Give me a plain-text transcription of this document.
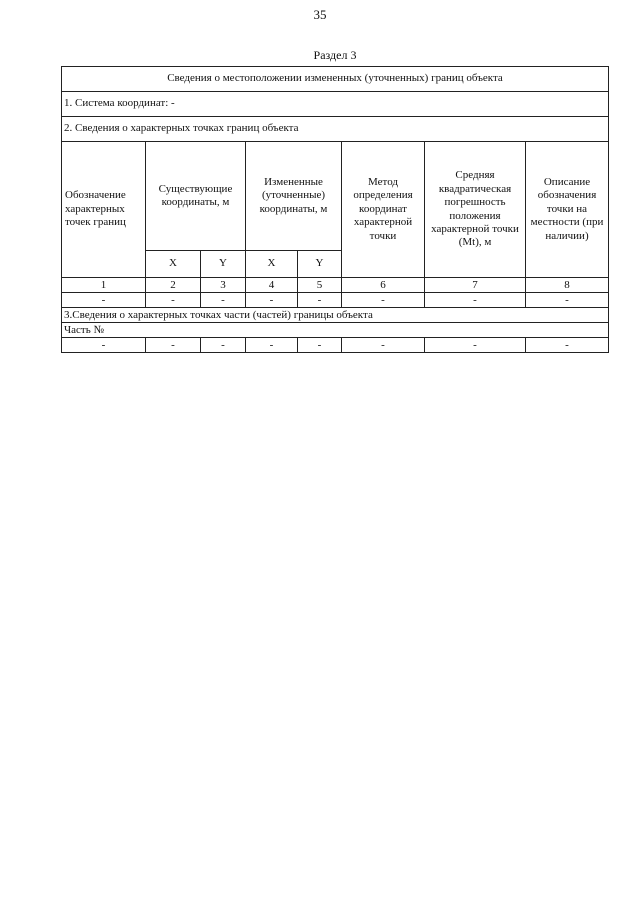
35
Раздел 3
Сведения о местоположении измененных (уточненных) границ объекта							
1. Система координат: -							
2. Сведения о характерных точках границ объекта							
Обозначение характерных точек границ	Существующие координаты, м		Измененные (уточненные) координаты, м		Метод определения координат характерной точки	Средняя квадратическая погрешность положения характерной точки (Mt), м	Описание обозначения точки на местности (при наличии)
	X	Y	X	Y			
1	2	3	4	5	6	7	8
-	-	-	-	-	-	-	-
3.Сведения о характерных точках части (частей) границы объекта							
Часть №							
-	-	-	-	-	-	-	-
